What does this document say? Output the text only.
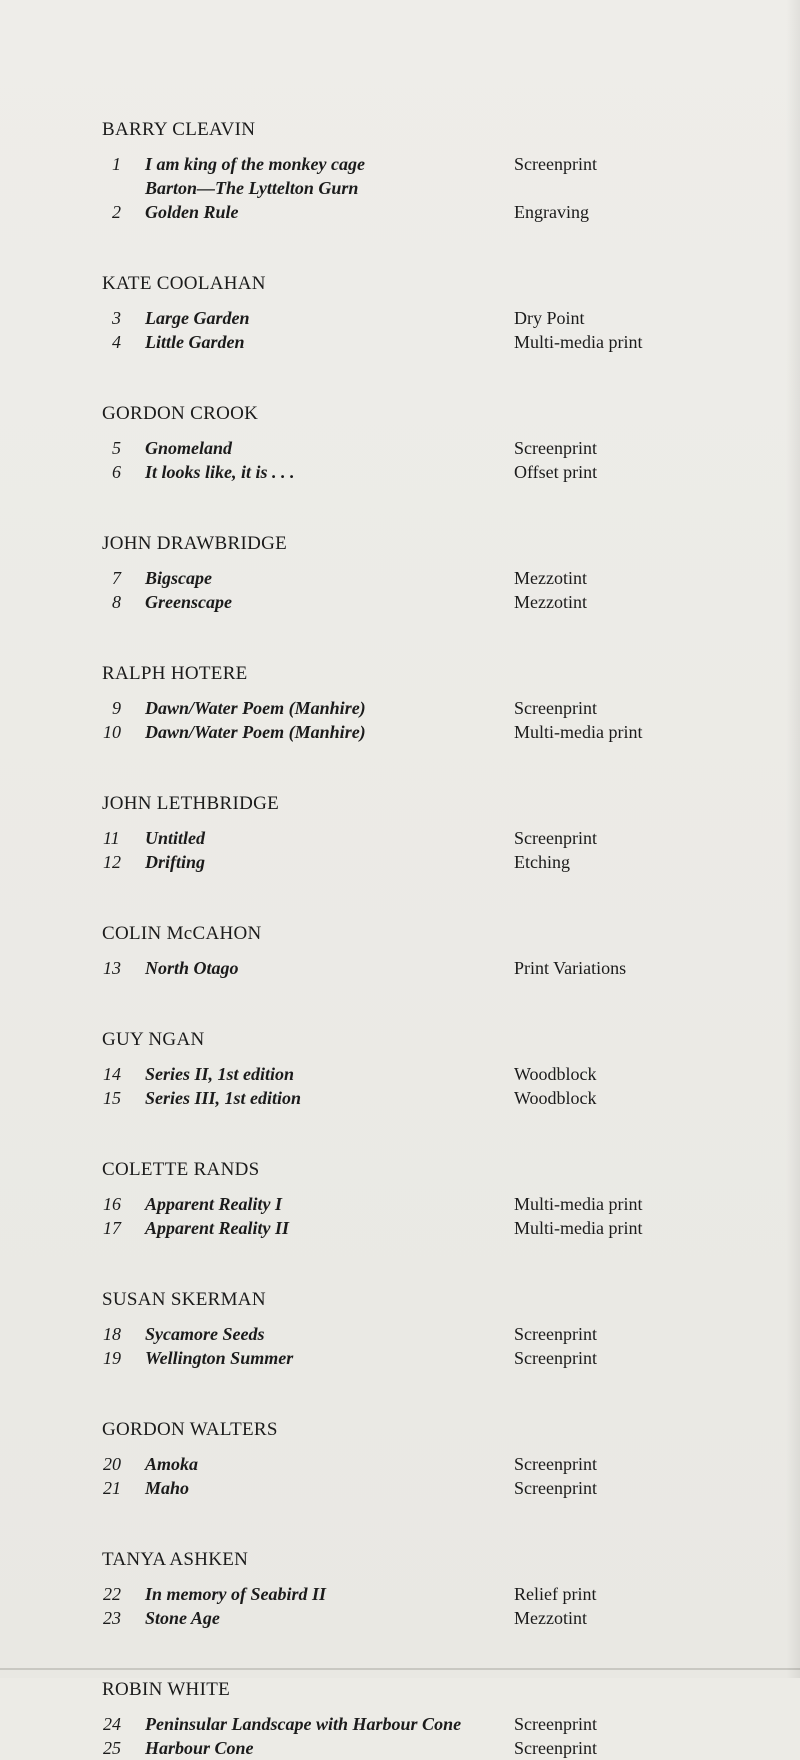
BARRY CLEAVIN
1	I am king of the monkey cage	Screenprint
Barton—The Lyttelton Gurn
2	Golden Rule	Engraving
KATE COOLAHAN
3	Large Garden	Dry Point
4	Little Garden	Multi-media print
GORDON CROOK
5	Gnomeland	Screenprint
6	It looks like, it is . . .	Offset print
JOHN DRAWBRIDGE
7	Bigscape	Mezzotint
8	Greenscape	Mezzotint
RALPH HOTERE
9	Dawn/Water Poem (Manhire)	Screenprint
10	Dawn/Water Poem (Manhire)	Multi-media print
JOHN LETHBRIDGE
11	Untitled	Screenprint
12	Drifting	Etching
COLIN McCAHON
13	North Otago	Print Variations
GUY NGAN
14	Series II, 1st edition	Woodblock
15	Series III, 1st edition	Woodblock
COLETTE RANDS
16	Apparent Reality I	Multi-media print
17	Apparent Reality II	Multi-media print
SUSAN SKERMAN
18	Sycamore Seeds	Screenprint
19	Wellington Summer	Screenprint
GORDON WALTERS
20	Amoka	Screenprint
21	Maho	Screenprint
TANYA ASHKEN
22	In memory of Seabird II	Relief print
23	Stone Age	Mezzotint
ROBIN WHITE
24	Peninsular Landscape with Harbour Cone	Screenprint
25	Harbour Cone	Screenprint
